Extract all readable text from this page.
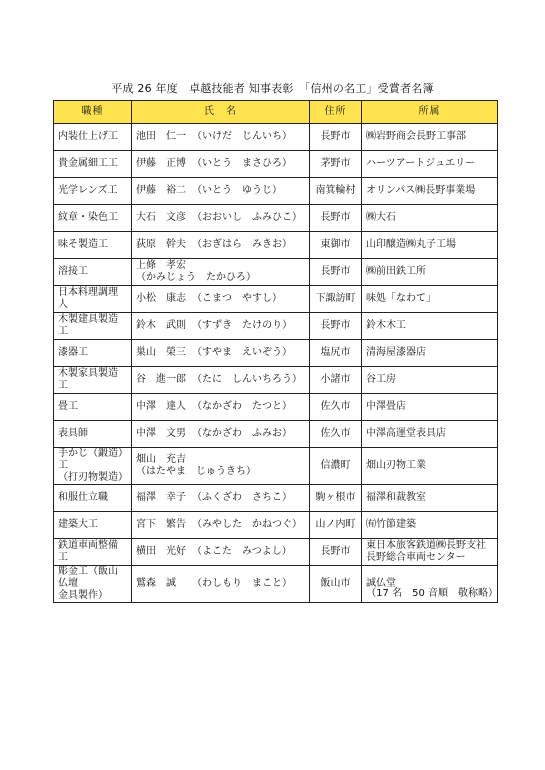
平成 26 年度　卓越技能者 知事表彰　「信州の名工」受賞者名簿
職種	氏　名	住所	所属
内装仕上げ工	池田　仁一 （いけだ　じんいち）	長野市	㈱岩野商会長野工事部
貴金属細工工	伊藤　正博 （いとう　まさひろ）	茅野市	ハーツアートジュエリー
光学レンズ工	伊藤　裕二 （いとう　ゆうじ）	南箕輪村	オリンパス㈱長野事業場
紋章・染色工	大石　文彦 （おおいし　ふみひこ）	長野市	㈱大石
味そ製造工	荻原　幹夫 （おぎはら　みきお）	東御市	山印醸造㈱丸子工場
溶接工	上條　孝宏（かみじょう　たかひろ）	長野市	㈱前田鉄工所
日本料理調理人	小松　康志 （こまつ　やすし）	下諏訪町	味処「なわて」
木製建具製造工	鈴木　武則 （すずき　たけのり）	長野市	鈴木木工
漆器工	巣山　榮三 （すやま　えいぞう）	塩尻市	清海屋漆器店
木製家具製造工	谷　進一郎 （たに　しんいちろう）	小諸市	谷工房
畳工	中澤　達人 （なかざわ　たつと）	佐久市	中澤畳店
表具師	中澤　文男 （なかざわ　ふみお）	佐久市	中澤高運堂表具店
手かじ（鍛造）工
（打刃物製造）	畑山　充吉（はたやま　じゅうきち）	信濃町	畑山刃物工業
和服仕立職	福澤　幸子 （ふくざわ　さちこ）	駒ヶ根市	福澤和裁教室
建築大工	宮下　繁告 （みやした　かねつぐ）	山ノ内町	㈲竹節建築
鉄道車両整備工	横田　光好 （よこた　みつよし）	長野市	東日本旅客鉄道㈱長野支社
長野総合車両センター
彫金工（飯山仏壇
金具製作）	鷲森　誠 （わしもり　まこと）	飯山市	誠仏堂
（17 名　50 音順　敬称略）
